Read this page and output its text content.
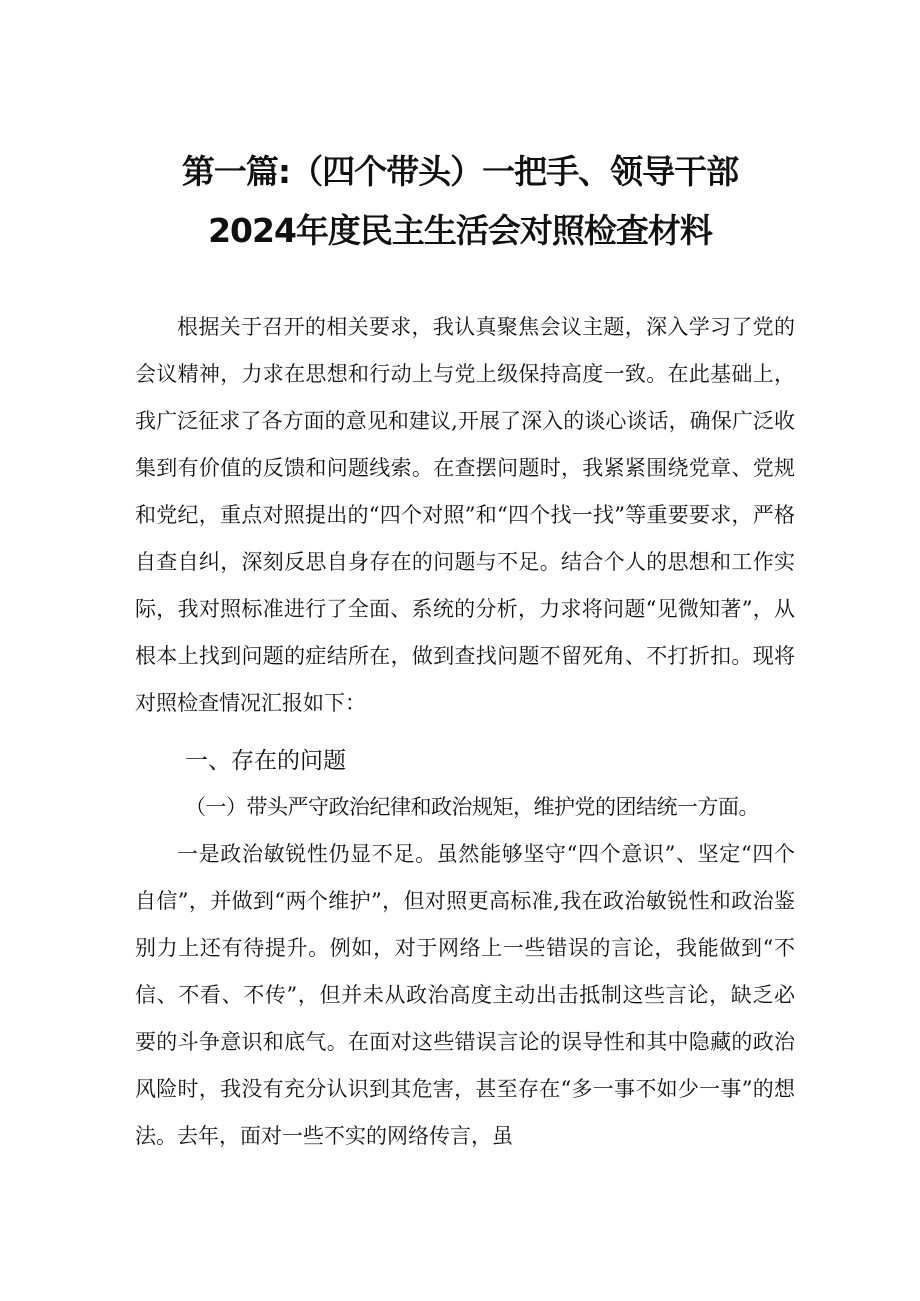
第一篇:（四个带头）一把手、领导干部
2024年度民主生活会对照检查材料
根据关于召开的相关要求，我认真聚焦会议主题，深入学习了党的会议精神，力求在思想和行动上与党上级保持高度一致。在此基础上，我广泛征求了各方面的意见和建议,开展了深入的谈心谈话，确保广泛收集到有价值的反馈和问题线索。在查摆问题时，我紧紧围绕党章、党规和党纪，重点对照提出的“四个对照”和“四个找一找”等重要要求，严格自查自纠，深刻反思自身存在的问题与不足。结合个人的思想和工作实际，我对照标准进行了全面、系统的分析，力求将问题“见微知著”，从根本上找到问题的症结所在，做到查找问题不留死角、不打折扣。现将对照检查情况汇报如下：
一、存在的问题
（一）带头严守政治纪律和政治规矩，维护党的团结统一方面。
一是政治敏锐性仍显不足。虽然能够坚守“四个意识”、坚定“四个自信”，并做到“两个维护”，但对照更高标准,我在政治敏锐性和政治鉴别力上还有待提升。例如，对于网络上一些错误的言论，我能做到“不信、不看、不传”，但并未从政治高度主动出击抵制这些言论，缺乏必要的斗争意识和底气。在面对这些错误言论的误导性和其中隐藏的政治风险时，我没有充分认识到其危害，甚至存在“多一事不如少一事”的想法。去年，面对一些不实的网络传言，虽
